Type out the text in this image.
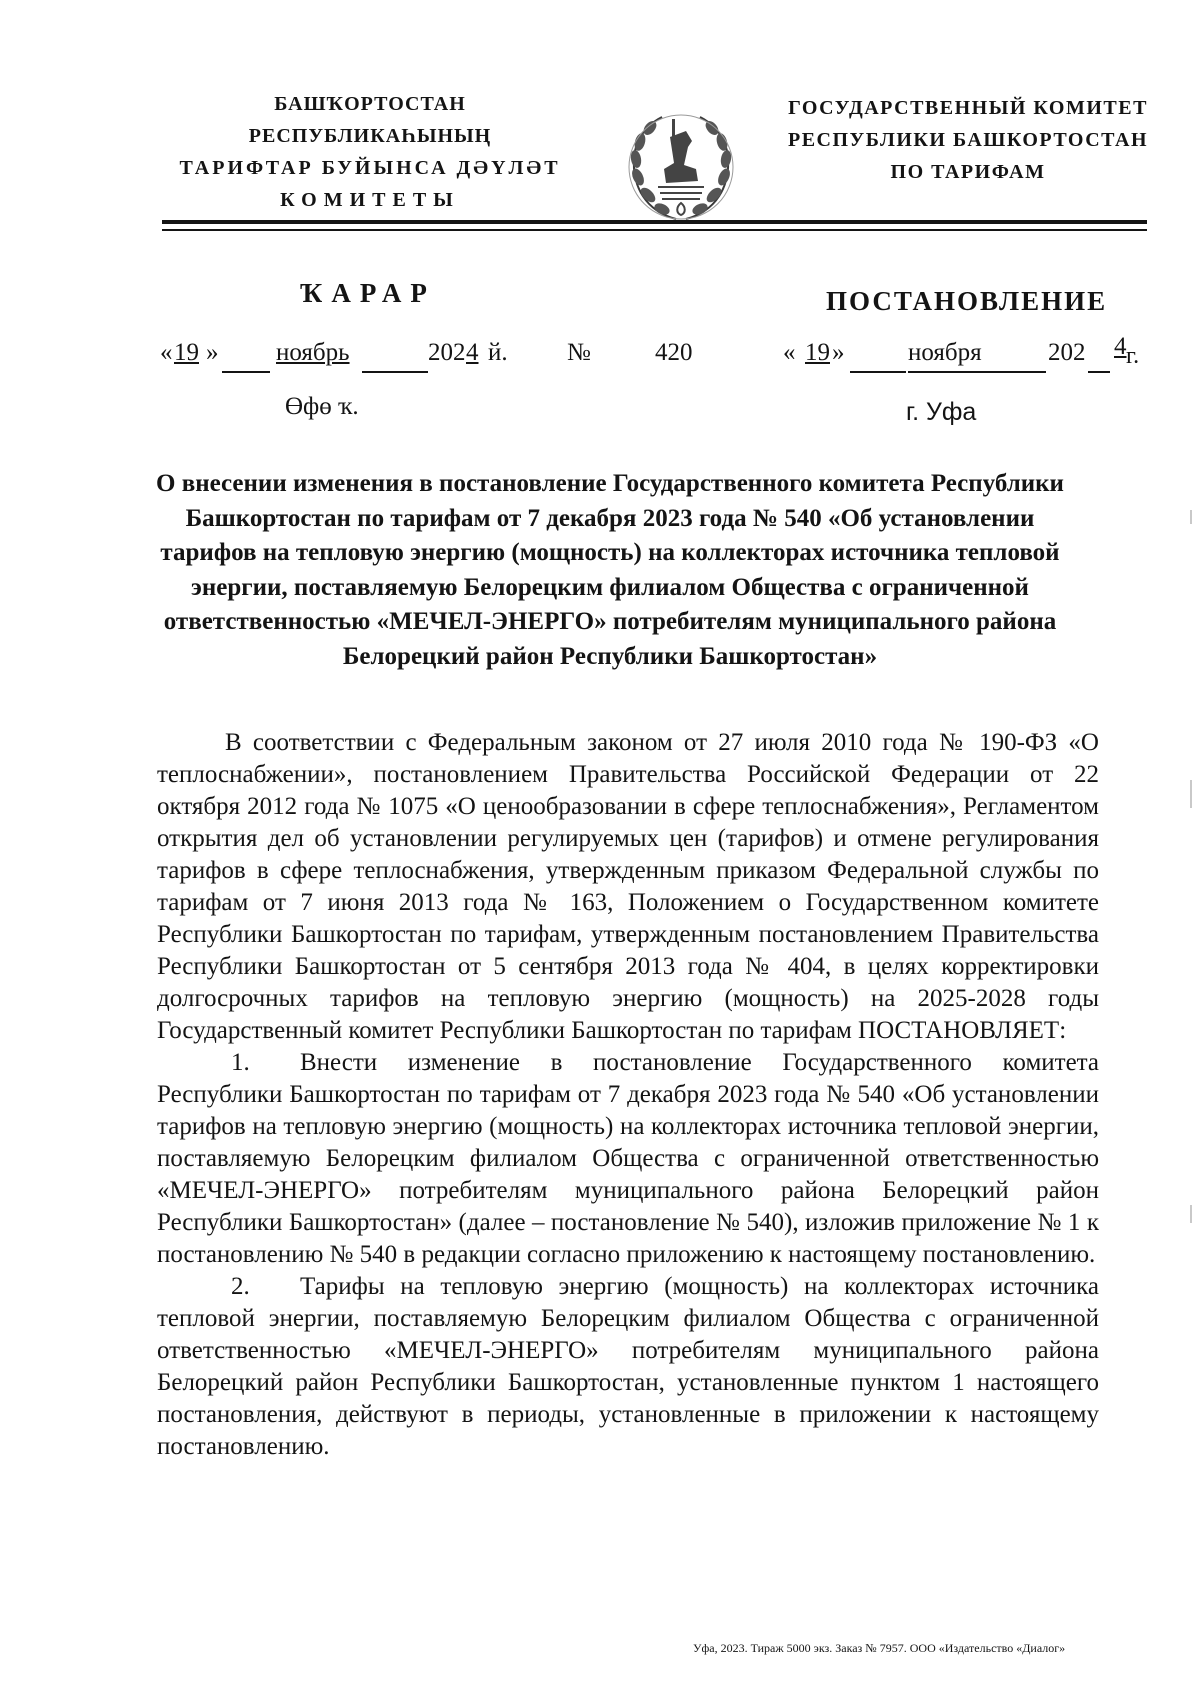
БАШҠОРТОСТАН РЕСПУБЛИКАҺЫНЫҢ
ТАРИФТАР БУЙЫНСА ДӘҮЛӘТ
КОМИТЕТЫ
ГОСУДАРСТВЕННЫЙ КОМИТЕТ
РЕСПУБЛИКИ БАШКОРТОСТАН
ПО ТАРИФАМ
ҠАРАР	ПОСТАНОВЛЕНИЕ
« 19 » ноябрь	202 4 й. №	420	« 19 »	ноября	202 4 г.
Өфө ҡ.	г. Уфа
О внесении изменения в постановление Государственного комитета Республики Башкортостан по тарифам от 7 декабря 2023 года № 540 «Об установлении тарифов на тепловую энергию (мощность) на коллекторах источника тепловой энергии, поставляемую Белорецким филиалом Общества с ограниченной ответственностью «МЕЧЕЛ-ЭНЕРГО» потребителям муниципального района Белорецкий район Республики Башкортостан»

В соответствии с Федеральным законом от 27 июля 2010 года № 190-ФЗ «О теплоснабжении», постановлением Правительства Российской Федерации от 22 октября 2012 года № 1075 «О ценообразовании в сфере теплоснабжения», Регламентом открытия дел об установлении регулируемых цен (тарифов) и отмене регулирования тарифов в сфере теплоснабжения, утвержденным приказом Федеральной службы по тарифам от 7 июня 2013 года № 163, Положением о Государственном комитете Республики Башкортостан по тарифам, утвержденным постановлением Правительства Республики Башкортостан от 5 сентября 2013 года № 404, в целях корректировки долгосрочных тарифов на тепловую энергию (мощность) на 2025-2028 годы Государственный комитет Республики Башкортостан по тарифам ПОСТАНОВЛЯЕТ:

1. Внести изменение в постановление Государственного комитета Республики Башкортостан по тарифам от 7 декабря 2023 года № 540 «Об установлении тарифов на тепловую энергию (мощность) на коллекторах источника тепловой энергии, поставляемую Белорецким филиалом Общества с ограниченной ответственностью «МЕЧЕЛ-ЭНЕРГО» потребителям муниципального района Белорецкий район Республики Башкортостан» (далее – постановление № 540), изложив приложение № 1 к постановлению № 540 в редакции согласно приложению к настоящему постановлению.

2. Тарифы на тепловую энергию (мощность) на коллекторах источника тепловой энергии, поставляемую Белорецким филиалом Общества с ограниченной ответственностью «МЕЧЕЛ-ЭНЕРГО» потребителям муниципального района Белорецкий район Республики Башкортостан, установленные пунктом 1 настоящего постановления, действуют в периоды, установленные в приложении к настоящему постановлению.

Уфа, 2023. Тираж 5000 экз. Заказ № 7957. ООО «Издательство «Диалог»
